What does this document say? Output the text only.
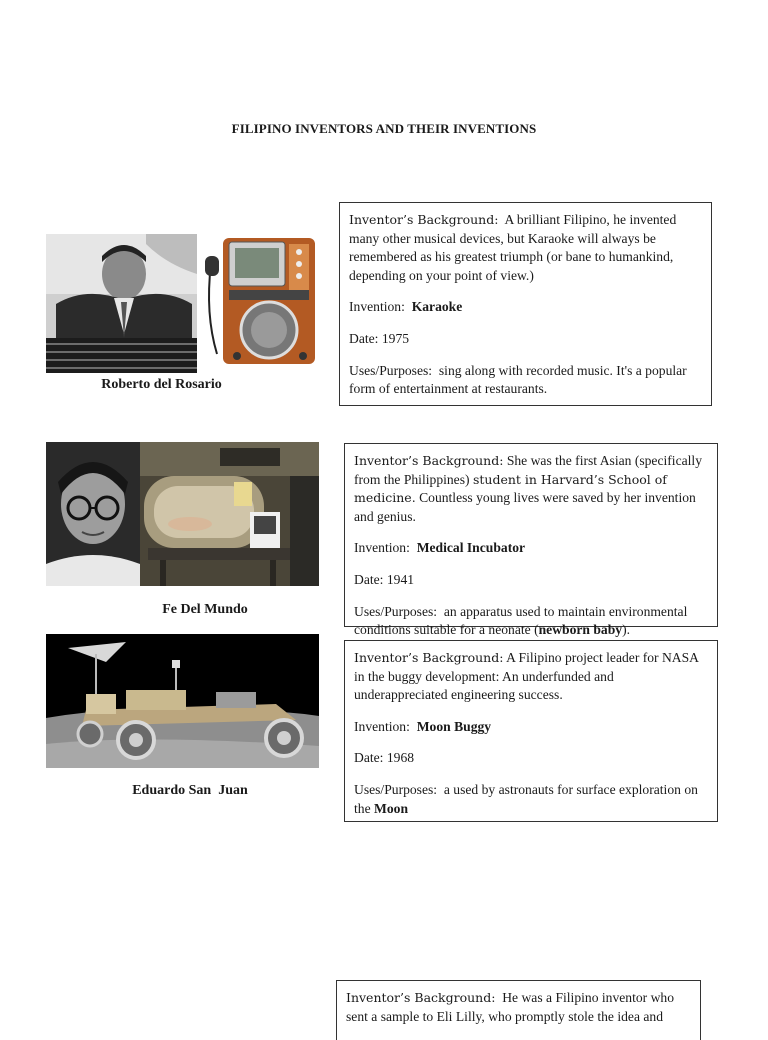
FILIPINO INVENTORS AND THEIR INVENTIONS
Roberto del Rosario

Inventor’s Background: A brilliant Filipino, he invented many other musical devices, but Karaoke will always be remembered as his greatest triumph (or bane to humankind, depending on your point of view.)

Invention: Karaoke

Date: 1975

Uses/Purposes: sing along with recorded music. It's a popular form of entertainment at restaurants.

Fe Del Mundo

Inventor’s Background: She was the first Asian (specifically from the Philippines) student in Harvard’s School of medicine. Countless young lives were saved by her invention and genius.

Invention: Medical Incubator

Date: 1941

Uses/Purposes: an apparatus used to maintain environmental conditions suitable for a neonate (newborn baby).

Eduardo San  Juan

Inventor’s Background: A Filipino project leader for NASA in the buggy development: An underfunded and underappreciated engineering success.

Invention: Moon Buggy

Date: 1968

Uses/Purposes:  a used by astronauts for surface exploration on the Moon

Inventor’s Background: He was a Filipino inventor who sent a sample to Eli Lilly, who promptly stole the idea and
